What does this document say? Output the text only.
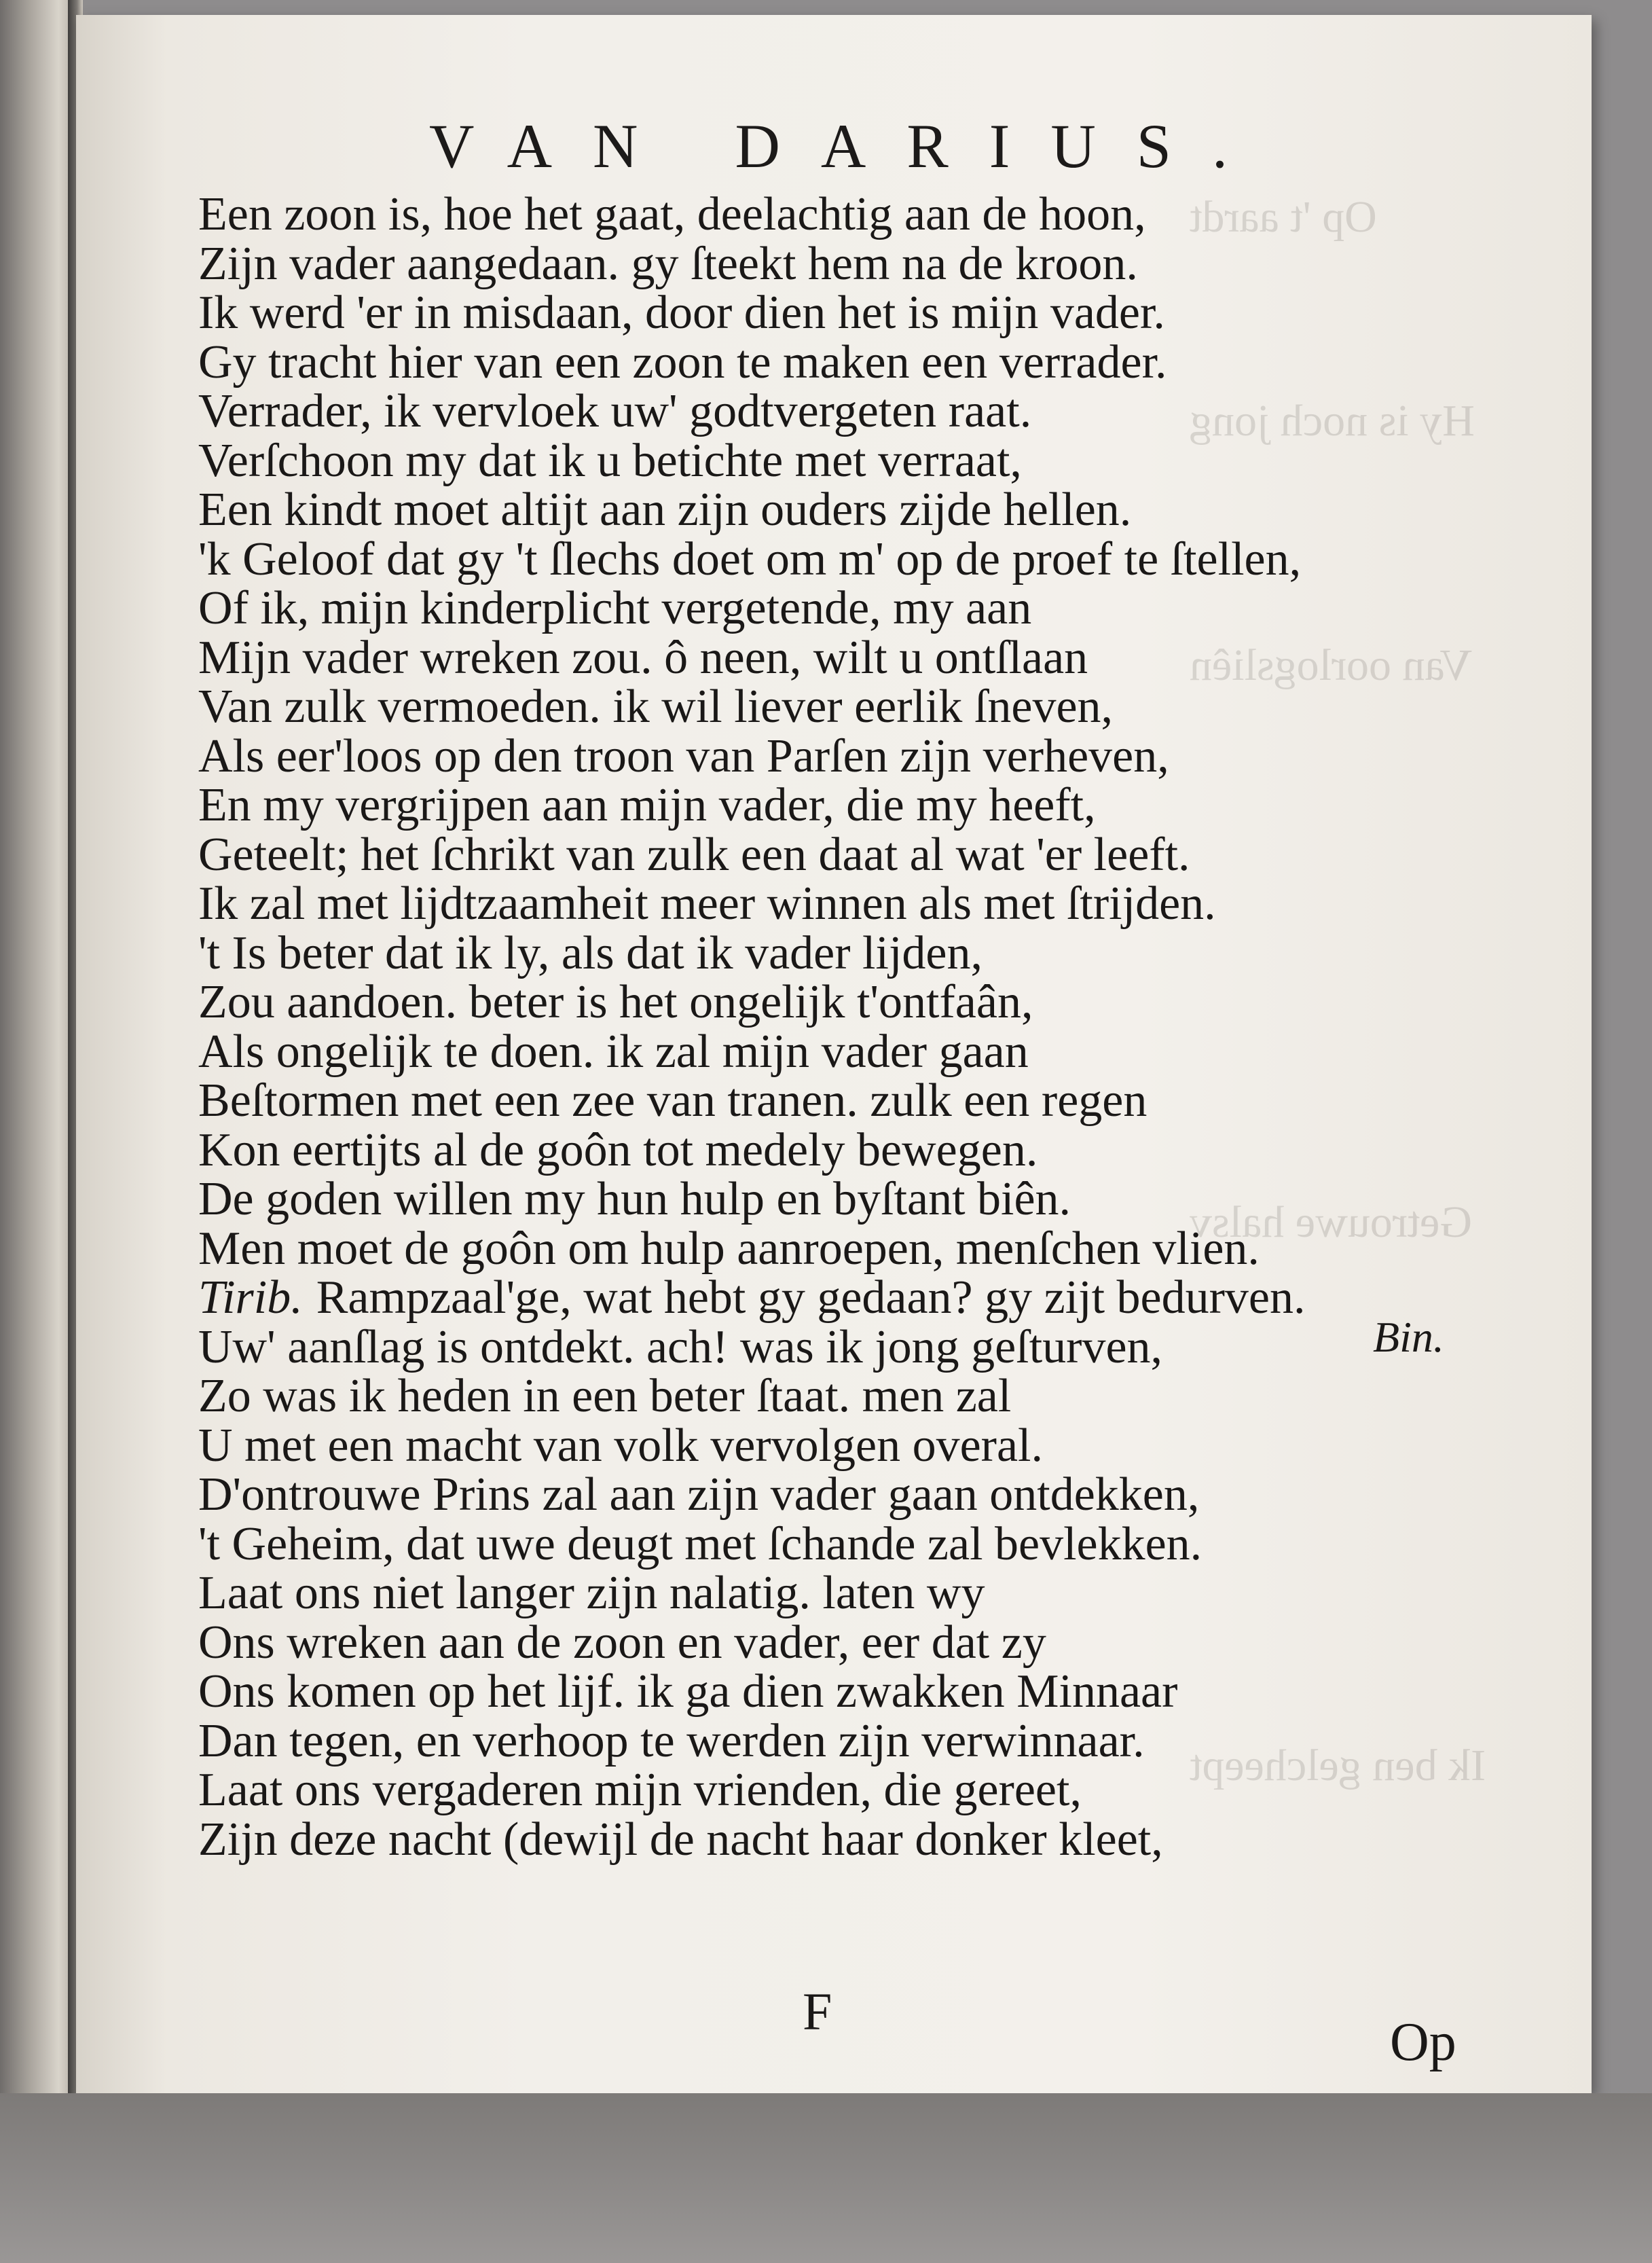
Op 't aardt
Hy is noch jong
Van oorlogsliên
Getrouwe halsv
Ik ben gelcheept
VAN DARIUS.
Een zoon is, hoe het gaat, deelachtig aan de hoon,
Zijn vader aangedaan. gy ſteekt hem na de kroon.
Ik werd 'er in misdaan, door dien het is mijn vader.
Gy tracht hier van een zoon te maken een verrader.
Verrader, ik vervloek uw' godtvergeten raat.
Verſchoon my dat ik u betichte met verraat,
Een kindt moet altijt aan zijn ouders zijde hellen.
'k Geloof dat gy 't ſlechs doet om m' op de proef te ſtellen,
Of ik, mijn kinderplicht vergetende, my aan
Mijn vader wreken zou. ô neen, wilt u ontſlaan
Van zulk vermoeden. ik wil liever eerlik ſneven,
Als eer'loos op den troon van Parſen zijn verheven,
En my vergrijpen aan mijn vader, die my heeft,
Geteelt; het ſchrikt van zulk een daat al wat 'er leeft.
Ik zal met lijdtzaamheit meer winnen als met ſtrijden.
't Is beter dat ik ly, als dat ik vader lijden,
Zou aandoen. beter is het ongelijk t'ontfaân,
Als ongelijk te doen. ik zal mijn vader gaan
Beſtormen met een zee van tranen. zulk een regen
Kon eertijts al de goôn tot medely bewegen.
De goden willen my hun hulp en byſtant biên.
Men moet de goôn om hulp aanroepen, menſchen vlien.
Tirib. Rampzaal'ge, wat hebt gy gedaan? gy zijt bedurven.
Uw' aanſlag is ontdekt. ach! was ik jong geſturven,
Zo was ik heden in een beter ſtaat. men zal
U met een macht van volk vervolgen overal.
D'ontrouwe Prins zal aan zijn vader gaan ontdekken,
't Geheim, dat uwe deugt met ſchande zal bevlekken.
Laat ons niet langer zijn nalatig. laten wy
Ons wreken aan de zoon en vader, eer dat zy
Ons komen op het lijf. ik ga dien zwakken Minnaar
Dan tegen, en verhoop te werden zijn verwinnaar.
Laat ons vergaderen mijn vrienden, die gereet,
Zijn deze nacht (dewijl de nacht haar donker kleet,
Bin.
F
Op
